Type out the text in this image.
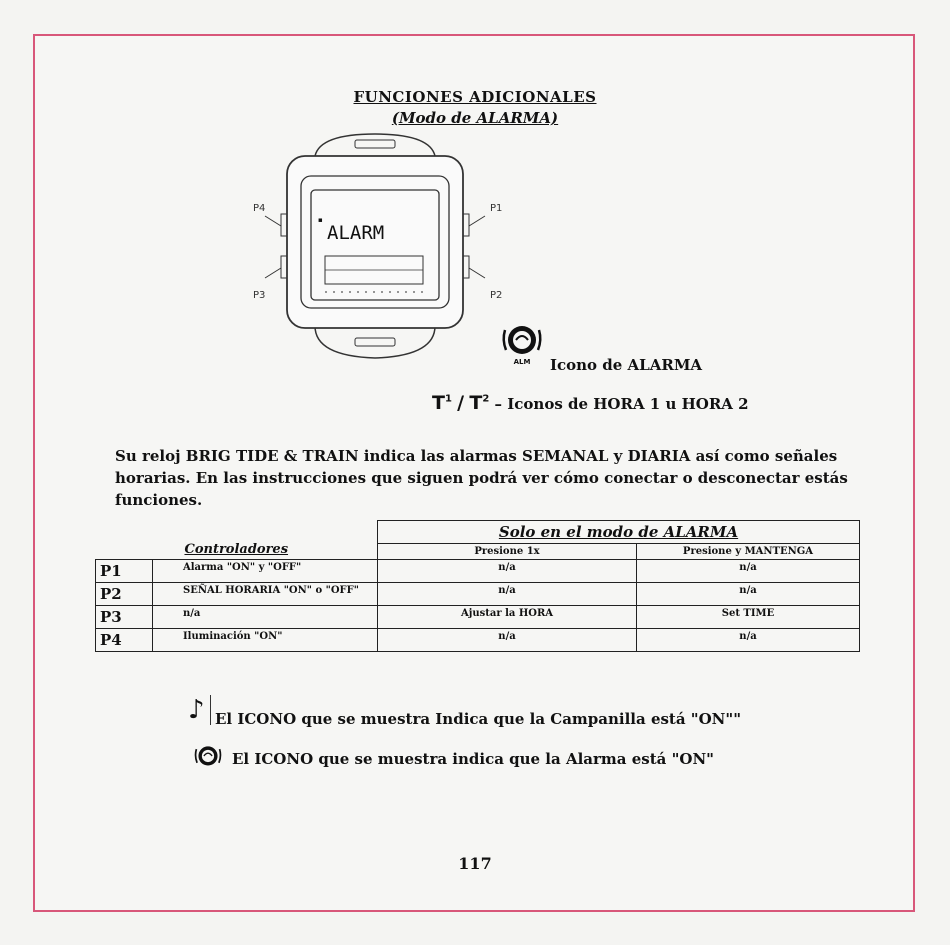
FUNCIONES ADICIONALES
(Modo de ALARMA)
ALARM
▪
P4	P1
P3	P2
ALM Icono de ALARMA
$T^1 / T^2$ – Iconos de HORA 1 u HORA 2
Su reloj BRIG TIDE & TRAIN indica las alarmas SEMANAL y DIARIA así como señales horarias. En las instrucciones que siguen podrá ver cómo conectar o desconectar estás funciones.
Controladores		Solo en el modo de ALARMA	
		Presione 1x	Presione y MANTENGA
P1	Alarma "ON" y "OFF"	n/a	n/a
P2	SEÑAL HORARIA "ON" o "OFF"	n/a	n/a
P3	n/a	Ajustar la HORA	Set TIME
P4	Iluminación "ON"	n/a	n/a
♪ El ICONO que se muestra Indica que la Campanilla está "ON""
El ICONO que se muestra indica que la Alarma está "ON"
117
